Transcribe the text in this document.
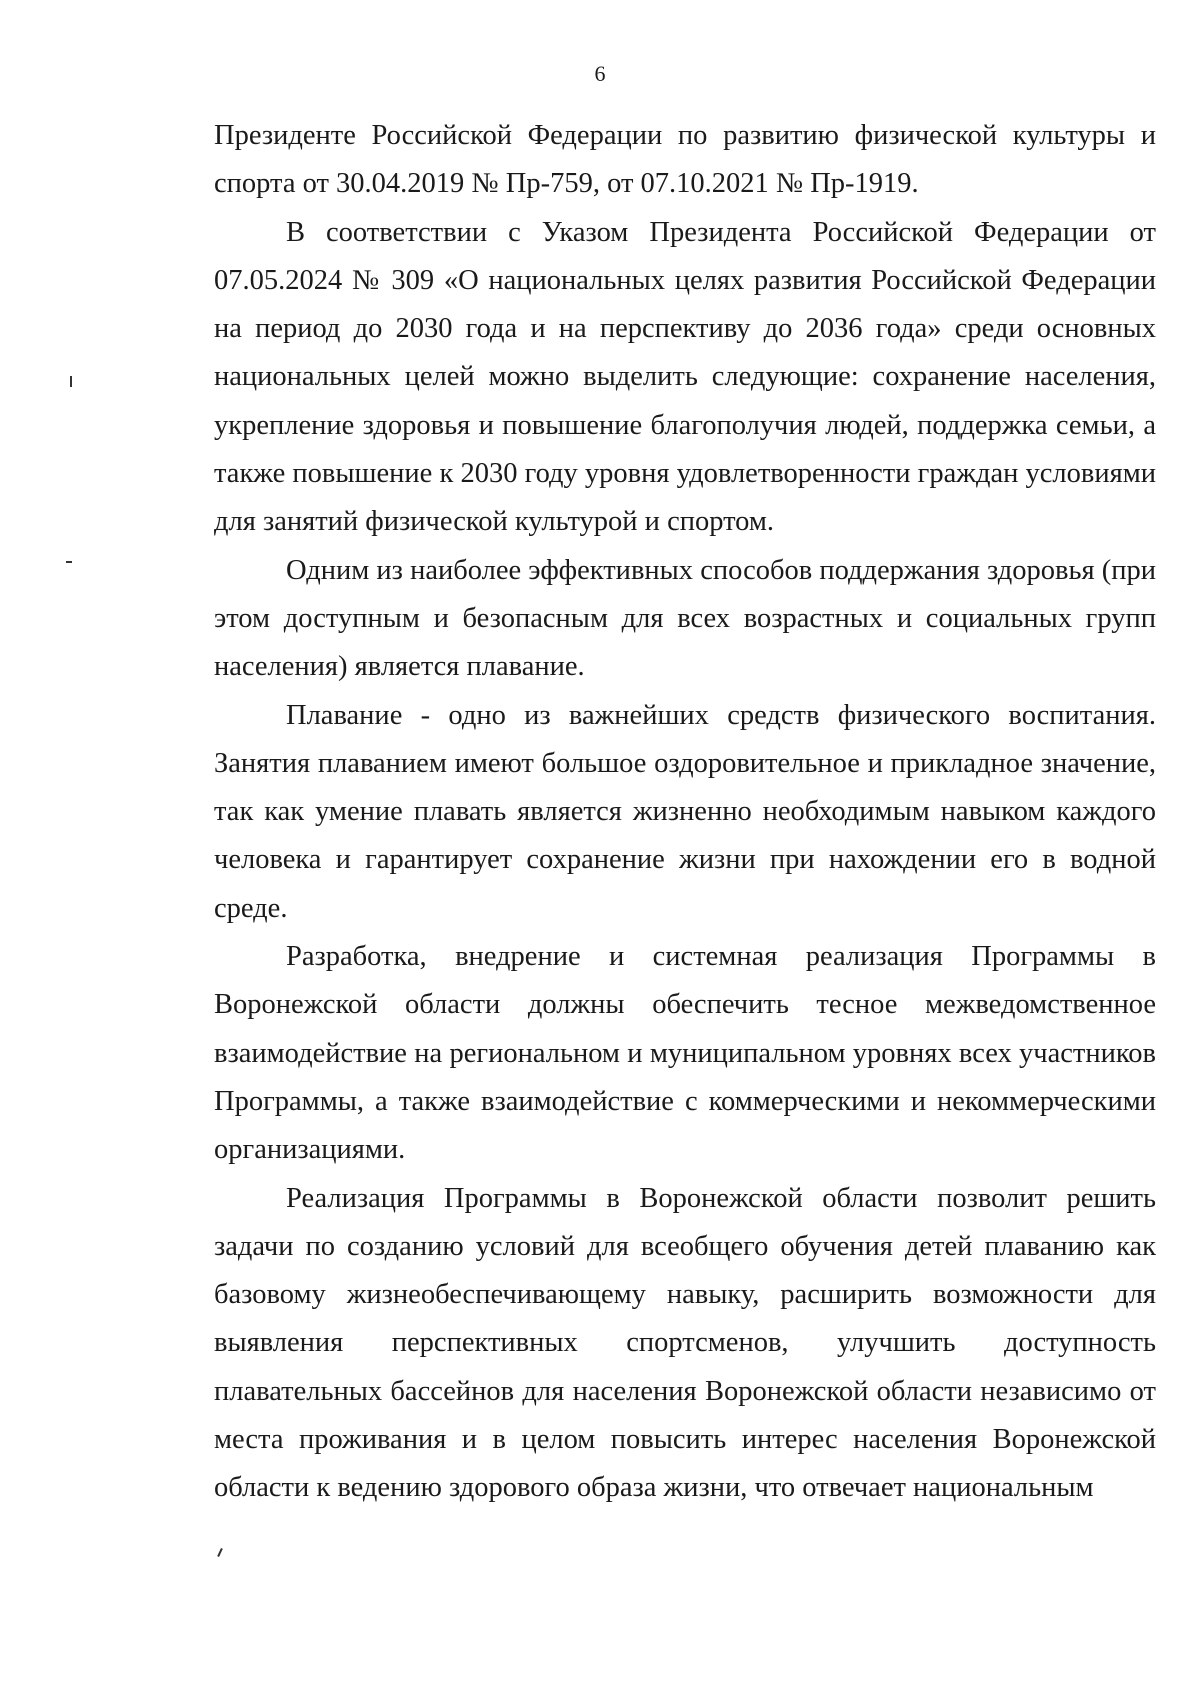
6

Президенте Российской Федерации по развитию физической культуры и спорта от 30.04.2019 № Пр-759, от 07.10.2021 № Пр-1919.

В соответствии с Указом Президента Российской Федерации от 07.05.2024 № 309 «О национальных целях развития Российской Федерации на период до 2030 года и на перспективу до 2036 года» среди основных национальных целей можно выделить следующие: сохранение населения, укрепление здоровья и повышение благополучия людей, поддержка семьи, а также повышение к 2030 году уровня удовлетворенности граждан условиями для занятий физической культурой и спортом.

Одним из наиболее эффективных способов поддержания здоровья (при этом доступным и безопасным для всех возрастных и социальных групп населения) является плавание.

Плавание - одно из важнейших средств физического воспитания. Занятия плаванием имеют большое оздоровительное и прикладное значение, так как умение плавать является жизненно необходимым навыком каждого человека и гарантирует сохранение жизни при нахождении его в водной среде.

Разработка, внедрение и системная реализация Программы в Воронежской области должны обеспечить тесное межведомственное взаимодействие на региональном и муниципальном уровнях всех участников Программы, а также взаимодействие с коммерческими и некоммерческими организациями.

Реализация Программы в Воронежской области позволит решить задачи по созданию условий для всеобщего обучения детей плаванию как базовому жизнеобеспечивающему навыку, расширить возможности для выявления перспективных спортсменов, улучшить доступность плавательных бассейнов для населения Воронежской области независимо от места проживания и в целом повысить интерес населения Воронежской области к ведению здорового образа жизни, что отвечает национальным
